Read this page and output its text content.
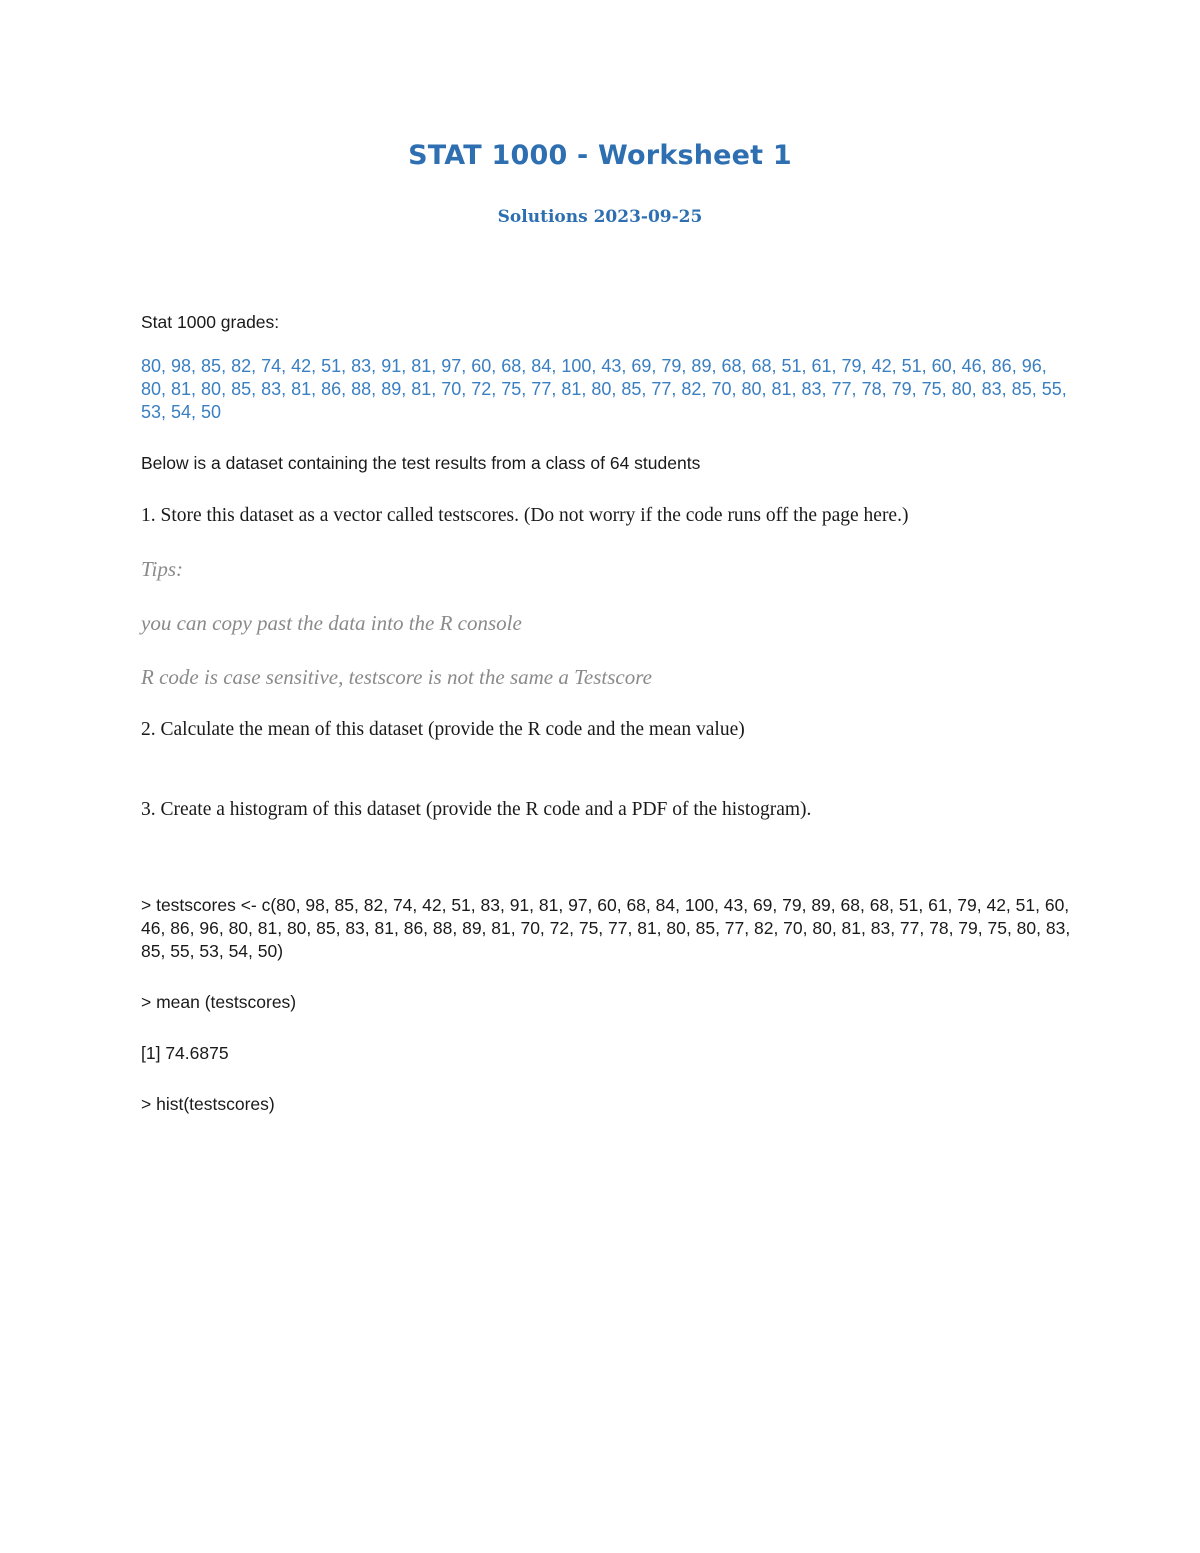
STAT 1000 - Worksheet 1
Solutions 2023-09-25

Stat 1000 grades:

80, 98, 85, 82, 74, 42, 51, 83, 91, 81, 97, 60, 68, 84, 100, 43, 69, 79, 89, 68, 68, 51, 61, 79, 42, 51, 60, 46, 86, 96, 80, 81, 80, 85, 83, 81, 86, 88, 89, 81, 70, 72, 75, 77, 81, 80, 85, 77, 82, 70, 80, 81, 83, 77, 78, 79, 75, 80, 83, 85, 55, 53, 54, 50

Below is a dataset containing the test results from a class of 64 students

1. Store this dataset as a vector called testscores. (Do not worry if the code runs off the page here.)

Tips:

you can copy past the data into the R console

R code is case sensitive, testscore is not the same a Testscore

2. Calculate the mean of this dataset (provide the R code and the mean value)

3. Create a histogram of this dataset (provide the R code and a PDF of the histogram).

> testscores <- c(80, 98, 85, 82, 74, 42, 51, 83, 91, 81, 97, 60, 68, 84, 100, 43, 69, 79, 89, 68, 68, 51, 61, 79, 42, 51, 60, 46, 86, 96, 80, 81, 80, 85, 83, 81, 86, 88, 89, 81, 70, 72, 75, 77, 81, 80, 85, 77, 82, 70, 80, 81, 83, 77, 78, 79, 75, 80, 83, 85, 55, 53, 54, 50)

> mean (testscores)

[1] 74.6875

> hist(testscores)
